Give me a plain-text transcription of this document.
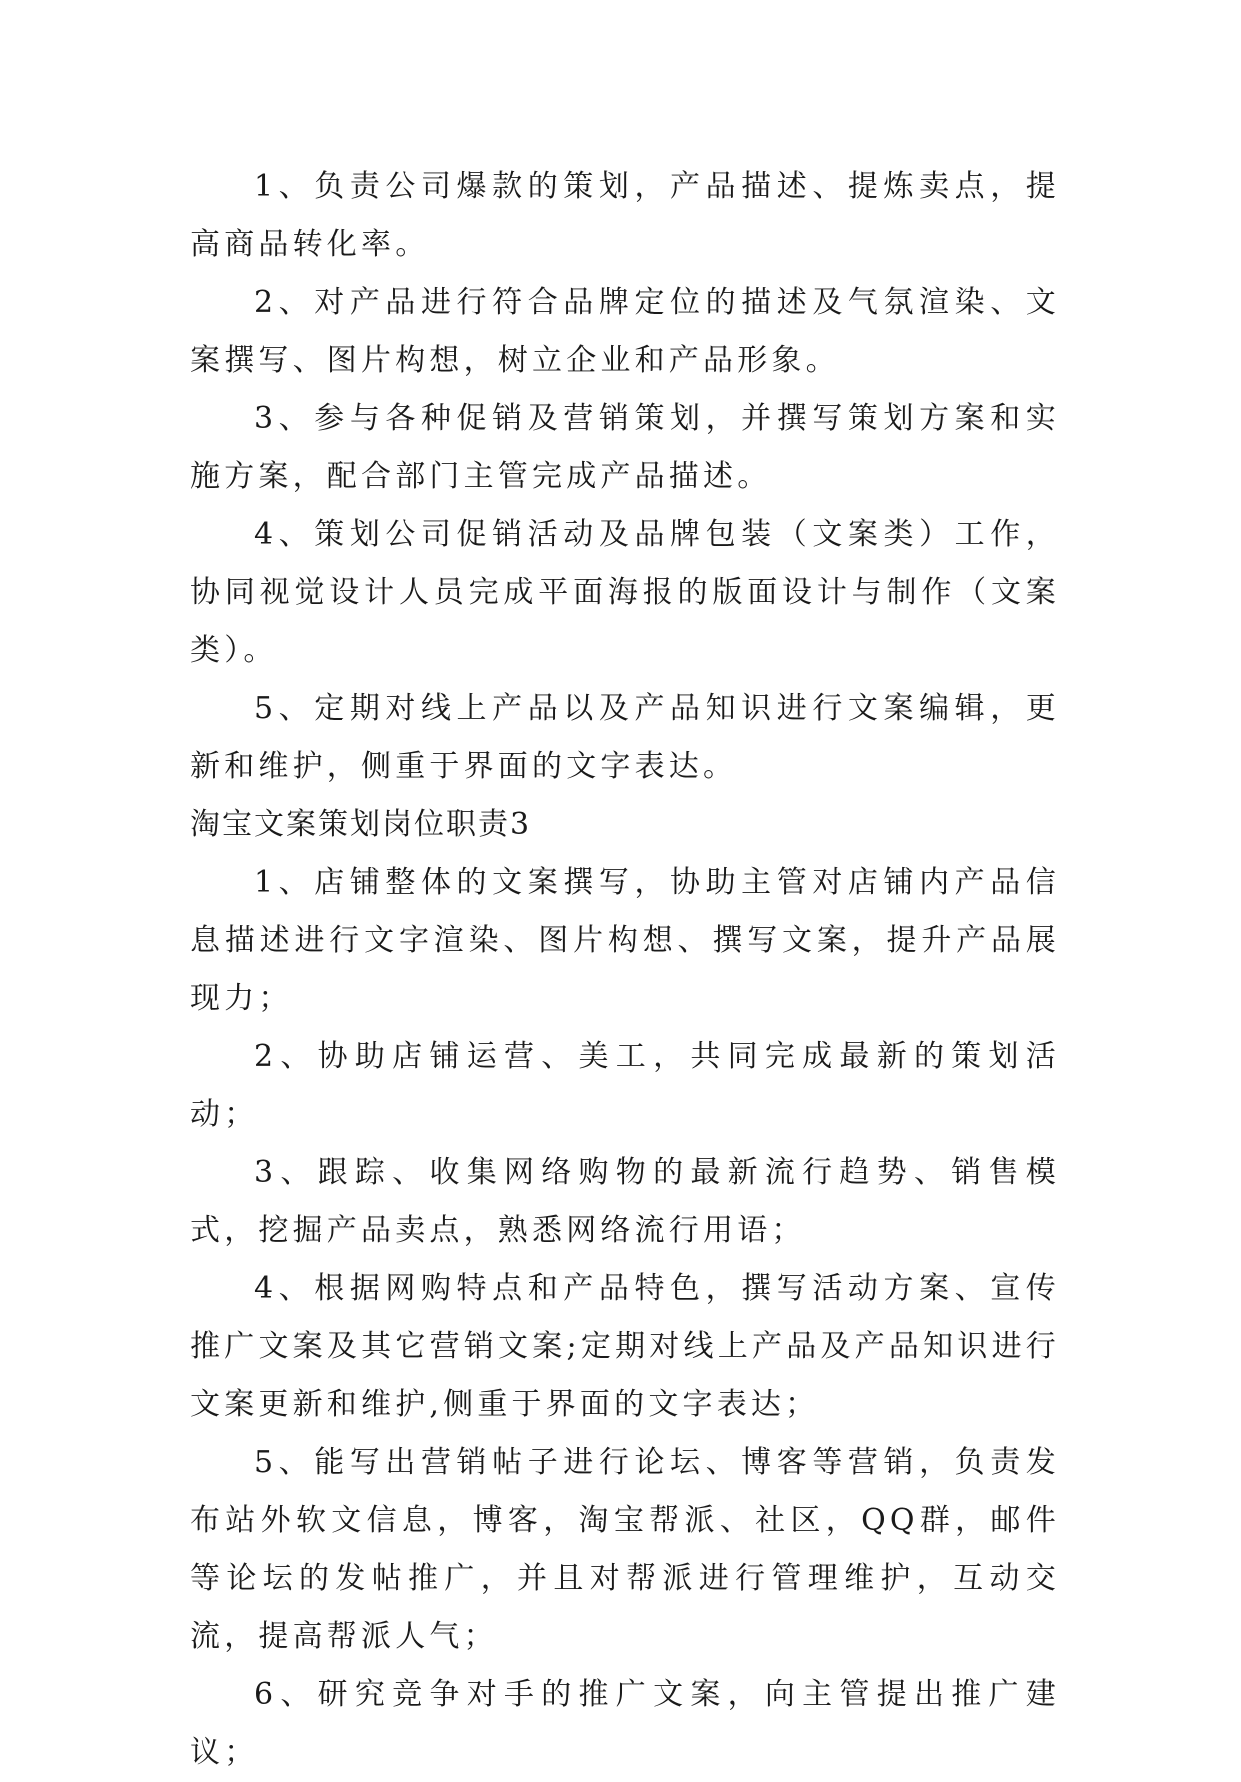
1、负责公司爆款的策划，产品描述、提炼卖点，提高商品转化率。

2、对产品进行符合品牌定位的描述及气氛渲染、文案撰写、图片构想，树立企业和产品形象。

3、参与各种促销及营销策划，并撰写策划方案和实施方案，配合部门主管完成产品描述。

4、策划公司促销活动及品牌包装（文案类）工作，协同视觉设计人员完成平面海报的版面设计与制作（文案类）。

5、定期对线上产品以及产品知识进行文案编辑，更新和维护，侧重于界面的文字表达。

淘宝文案策划岗位职责3

1、店铺整体的文案撰写，协助主管对店铺内产品信息描述进行文字渲染、图片构想、撰写文案，提升产品展现力；

2、协助店铺运营、美工，共同完成最新的策划活动；

3、跟踪、收集网络购物的最新流行趋势、销售模式，挖掘产品卖点，熟悉网络流行用语；

4、根据网购特点和产品特色，撰写活动方案、宣传推广文案及其它营销文案;定期对线上产品及产品知识进行文案更新和维护,侧重于界面的文字表达；

5、能写出营销帖子进行论坛、博客等营销，负责发布站外软文信息，博客，淘宝帮派、社区，QQ群，邮件等论坛的发帖推广，并且对帮派进行管理维护，互动交流，提高帮派人气；

6、研究竞争对手的推广文案，向主管提出推广建议；
